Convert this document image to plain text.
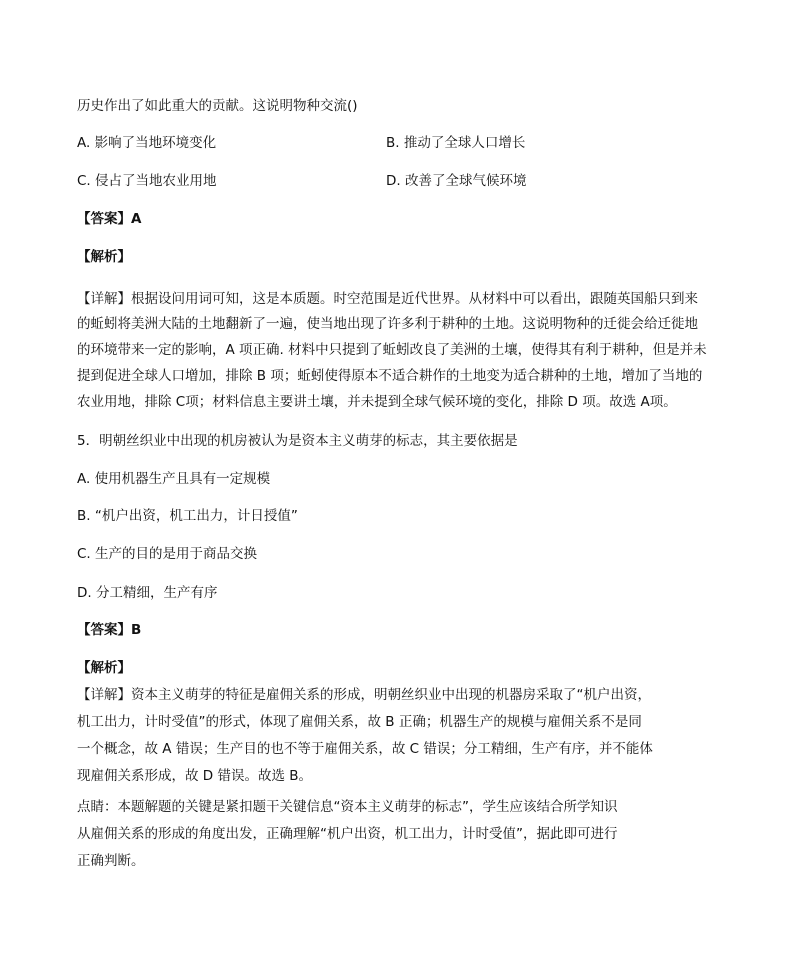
历史作出了如此重大的贡献。这说明物种交流()
A. 影响了当地环境变化	B. 推动了全球人口增长
C. 侵占了当地农业用地	D. 改善了全球气候环境
【答案】A
【解析】
【详解】根据设问用词可知，这是本质题。时空范围是近代世界。从材料中可以看出，跟随英国船只到来
的蚯蚓将美洲大陆的土地翻新了一遍，使当地出现了许多利于耕种的土地。这说明物种的迁徙会给迁徙地
的环境带来一定的影响，A 项正确. 材料中只提到了蚯蚓改良了美洲的土壤，使得其有利于耕种，但是并未
提到促进全球人口增加，排除 B 项；蚯蚓使得原本不适合耕作的土地变为适合耕种的土地，增加了当地的
农业用地，排除 C项；材料信息主要讲土壤，并未提到全球气候环境的变化，排除 D 项。故选 A项。
5．明朝丝织业中出现的机房被认为是资本主义萌芽的标志，其主要依据是
A. 使用机器生产且具有一定规模
B. “机户出资，机工出力，计日授值”
C. 生产的目的是用于商品交换
D. 分工精细，生产有序
【答案】B
【解析】
【详解】资本主义萌芽的特征是雇佣关系的形成，明朝丝织业中出现的机器房采取了“机户出资，
机工出力，计时受值”的形式，体现了雇佣关系，故 B 正确；机器生产的规模与雇佣关系不是同
一个概念，故 A 错误；生产目的也不等于雇佣关系，故 C 错误；分工精细，生产有序，并不能体
现雇佣关系形成，故 D 错误。故选 B。
点睛：本题解题的关键是紧扣题干关键信息“资本主义萌芽的标志”，学生应该结合所学知识
从雇佣关系的形成的角度出发，正确理解“机户出资，机工出力，计时受值”，据此即可进行
正确判断。
